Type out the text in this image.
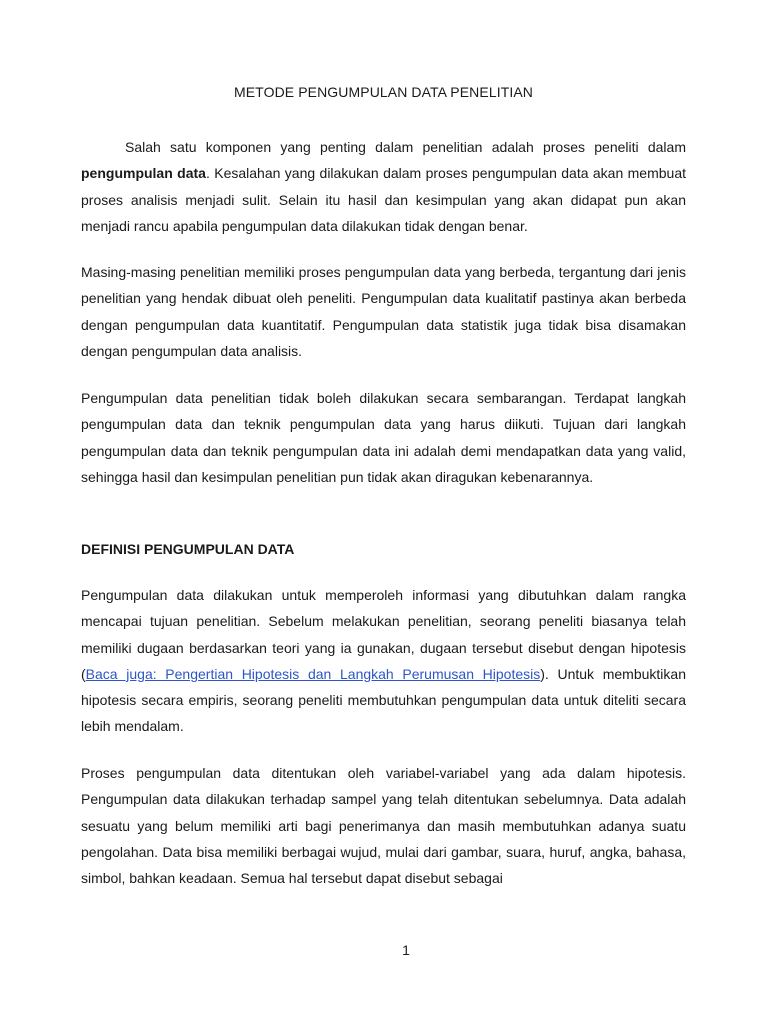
METODE PENGUMPULAN DATA PENELITIAN

Salah satu komponen yang penting dalam penelitian adalah proses peneliti dalam pengumpulan data. Kesalahan yang dilakukan dalam proses pengumpulan data akan membuat proses analisis menjadi sulit. Selain itu hasil dan kesimpulan yang akan didapat pun akan menjadi rancu apabila pengumpulan data dilakukan tidak dengan benar.

Masing-masing penelitian memiliki proses pengumpulan data yang berbeda, tergantung dari jenis penelitian yang hendak dibuat oleh peneliti. Pengumpulan data kualitatif pastinya akan berbeda dengan pengumpulan data kuantitatif. Pengumpulan data statistik juga tidak bisa disamakan dengan pengumpulan data analisis.

Pengumpulan data penelitian tidak boleh dilakukan secara sembarangan. Terdapat langkah pengumpulan data dan teknik pengumpulan data yang harus diikuti. Tujuan dari langkah pengumpulan data dan teknik pengumpulan data ini adalah demi mendapatkan data yang valid, sehingga hasil dan kesimpulan penelitian pun tidak akan diragukan kebenarannya.

DEFINISI PENGUMPULAN DATA

Pengumpulan data dilakukan untuk memperoleh informasi yang dibutuhkan dalam rangka mencapai tujuan penelitian. Sebelum melakukan penelitian, seorang peneliti biasanya telah memiliki dugaan berdasarkan teori yang ia gunakan, dugaan tersebut disebut dengan hipotesis (Baca juga: Pengertian Hipotesis dan Langkah Perumusan Hipotesis). Untuk membuktikan hipotesis secara empiris, seorang peneliti membutuhkan pengumpulan data untuk diteliti secara lebih mendalam.

Proses pengumpulan data ditentukan oleh variabel-variabel yang ada dalam hipotesis. Pengumpulan data dilakukan terhadap sampel yang telah ditentukan sebelumnya. Data adalah sesuatu yang belum memiliki arti bagi penerimanya dan masih membutuhkan adanya suatu pengolahan. Data bisa memiliki berbagai wujud, mulai dari gambar, suara, huruf, angka, bahasa, simbol, bahkan keadaan. Semua hal tersebut dapat disebut sebagai

1
